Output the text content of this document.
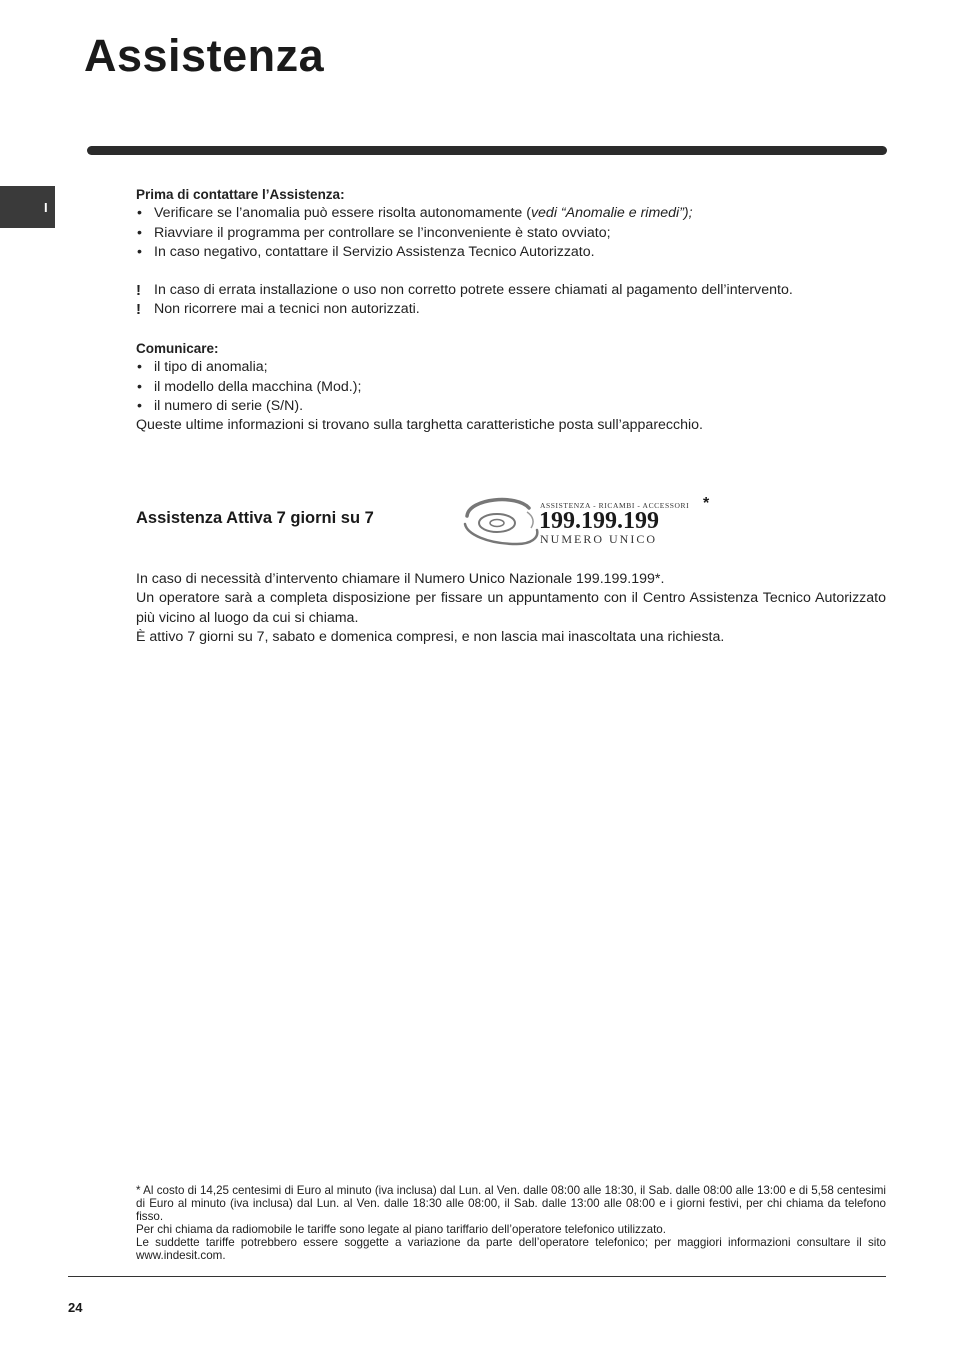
Assistenza
I
Prima di contattare l’Assistenza:
• Verificare se l’anomalia può essere risolta autonomamente (vedi “Anomalie e rimedi”);
• Riavviare il programma per controllare se l’inconveniente è stato ovviato;
• In caso negativo, contattare il Servizio Assistenza Tecnico Autorizzato.
! In caso di errata installazione o uso non corretto potrete essere chiamati al pagamento dell’intervento.
! Non ricorrere mai a tecnici non autorizzati.
Comunicare:
• il tipo di anomalia;
• il modello della macchina (Mod.);
• il numero di serie (S/N).
Queste ultime informazioni si trovano sulla targhetta caratteristiche posta sull’apparecchio.
Assistenza Attiva 7 giorni su 7
ASSISTENZA - RICAMBI - ACCESSORI
199.199.199
NUMERO UNICO
*
In caso di necessità d’intervento chiamare il Numero Unico Nazionale 199.199.199*.
Un operatore sarà a completa disposizione per fissare un appuntamento con il Centro Assistenza Tecnico Autorizzato più vicino al luogo da cui si chiama.
È attivo 7 giorni su 7, sabato e domenica compresi, e non lascia mai inascoltata una richiesta.
* Al costo di 14,25 centesimi di Euro al minuto (iva inclusa) dal Lun. al Ven. dalle 08:00 alle 18:30, il Sab. dalle 08:00 alle 13:00 e di 5,58 centesimi di Euro al minuto (iva inclusa) dal Lun. al Ven. dalle 18:30 alle 08:00, il Sab. dalle 13:00 alle 08:00 e i giorni festivi, per chi chiama da telefono fisso.
Per chi chiama da radiomobile le tariffe sono legate al piano tariffario dell’operatore telefonico utilizzato.
Le suddette tariffe potrebbero essere soggette a variazione da parte dell’operatore telefonico; per maggiori informazioni consultare il sito www.indesit.com.
24
